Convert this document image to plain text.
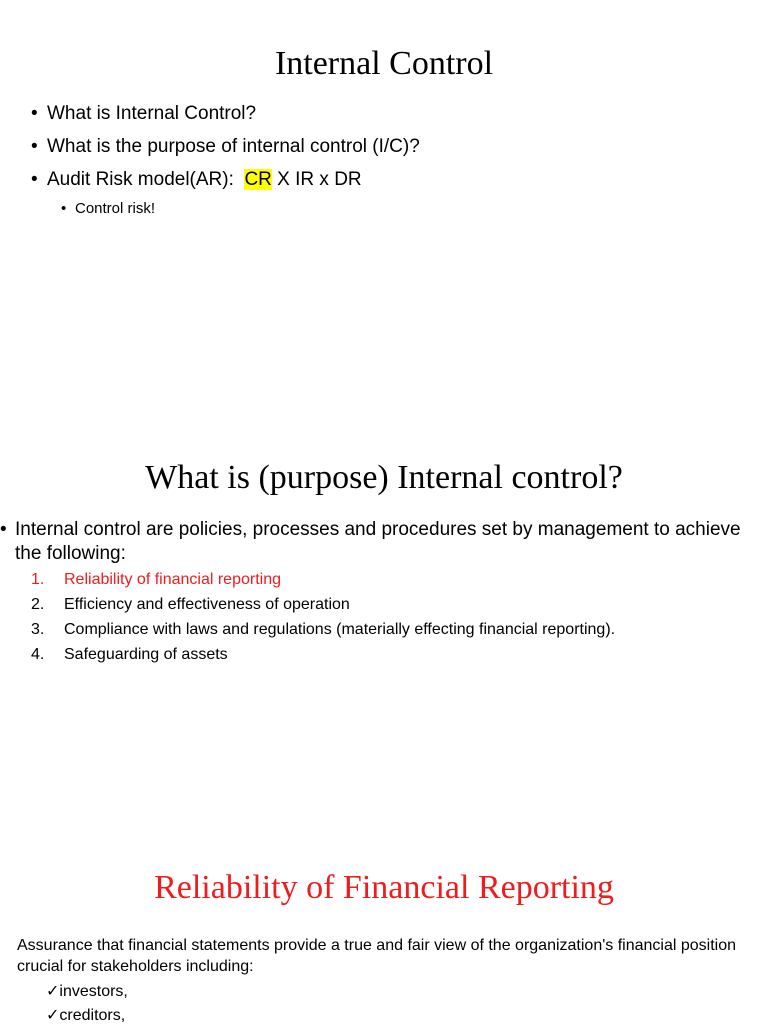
Internal Control
• What is Internal Control?
• What is the purpose of internal control (I/C)?
• Audit Risk model(AR):  CR X IR x DR
• Control risk!
What is (purpose) Internal control?
• Internal control are policies, processes and procedures set by management to achieve the following:
1. Reliability of financial reporting
2. Efficiency and effectiveness of operation
3. Compliance with laws and regulations (materially effecting financial reporting).
4. Safeguarding of assets
Reliability of Financial Reporting
Assurance that financial statements provide a true and fair view of the organization's financial position crucial for stakeholders including:
✓investors,
✓creditors,
